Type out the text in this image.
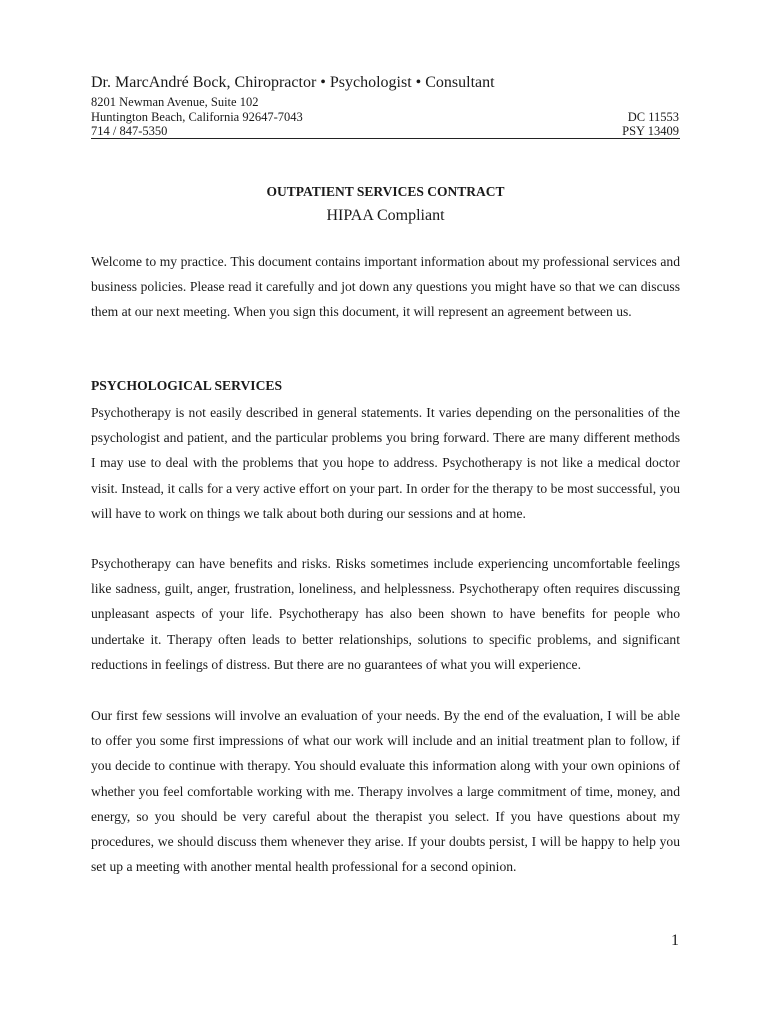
Dr. MarcAndré Bock, Chiropractor • Psychologist • Consultant
8201 Newman Avenue, Suite 102
Huntington Beach, California 92647-7043
714 / 847-5350
DC 11553
PSY 13409
OUTPATIENT SERVICES CONTRACT
HIPAA Compliant

Welcome to my practice. This document contains important information about my professional services and business policies. Please read it carefully and jot down any questions you might have so that we can discuss them at our next meeting. When you sign this document, it will represent an agreement between us.

PSYCHOLOGICAL SERVICES

Psychotherapy is not easily described in general statements. It varies depending on the personalities of the psychologist and patient, and the particular problems you bring forward. There are many different methods I may use to deal with the problems that you hope to address. Psychotherapy is not like a medical doctor visit. Instead, it calls for a very active effort on your part. In order for the therapy to be most successful, you will have to work on things we talk about both during our sessions and at home.

Psychotherapy can have benefits and risks. Risks sometimes include experiencing uncomfortable feelings like sadness, guilt, anger, frustration, loneliness, and helplessness. Psychotherapy often requires discussing unpleasant aspects of your life. Psychotherapy has also been shown to have benefits for people who undertake it. Therapy often leads to better relationships, solutions to specific problems, and significant reductions in feelings of distress. But there are no guarantees of what you will experience.

Our first few sessions will involve an evaluation of your needs. By the end of the evaluation, I will be able to offer you some first impressions of what our work will include and an initial treatment plan to follow, if you decide to continue with therapy. You should evaluate this information along with your own opinions of whether you feel comfortable working with me. Therapy involves a large commitment of time, money, and energy, so you should be very careful about the therapist you select. If you have questions about my procedures, we should discuss them whenever they arise. If your doubts persist, I will be happy to help you set up a meeting with another mental health professional for a second opinion.

1
